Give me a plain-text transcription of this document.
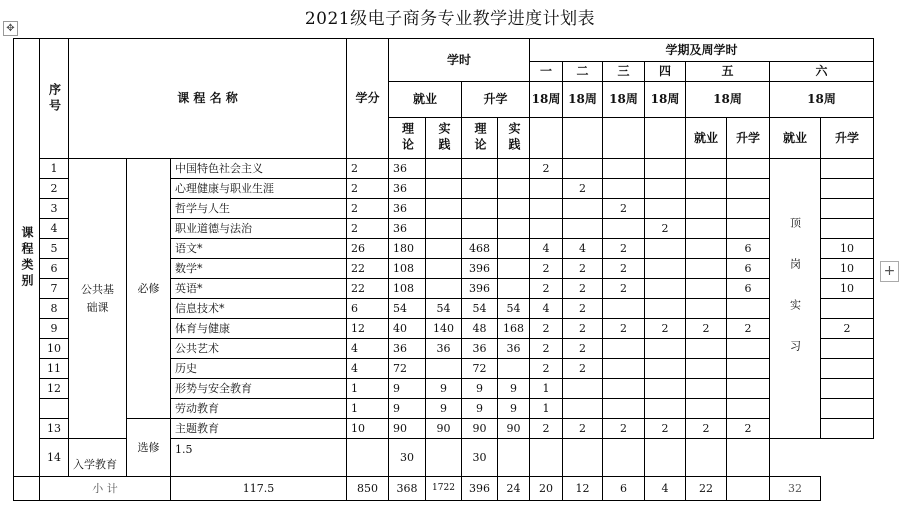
2021级电子商务专业教学进度计划表
✥
+
课程类别	序号	课 程 名 称			学分	学时				学期及周学时							
										一	二	三	四	五		六	
						就业		升学		18周	18周	18周	18周	18周		18周	

						理论	实践	理论	实践					就业	升学	就业	升学
	1	公共基础课	必修	中国特色社会主义	2	36				2						顶岗实习	

	2			心理健康与职业生涯	2	36					2						
	3			哲学与人生	2	36						2					
	4			职业道德与法治	2	36							2				
	5			语文*	26	180		468		4	4	2			6		10
	6			数学*	22	108		396		2	2	2			6		10
	7			英语*	22	108		396		2	2	2			6		10
	8			信息技术*	6	54	54	54	54	4	2						
	9			体育与健康	12	40	140	48	168	2	2	2	2	2	2		2
	10			公共艺术	4	36	36	36	36	2	2						
	11			历史	4	72		72		2	2						
	12			形势与安全教育	1	9	9	9	9	1							
				劳动教育	1	9	9	9	9	1							
	13		选修	主题教育	10	90	90	90	90	2	2	2	2	2	2		
	14	入学教育		1.5		30		30									
	小 计			117.5	850	368	1722	396	24	20	12	6	4	22		32	
